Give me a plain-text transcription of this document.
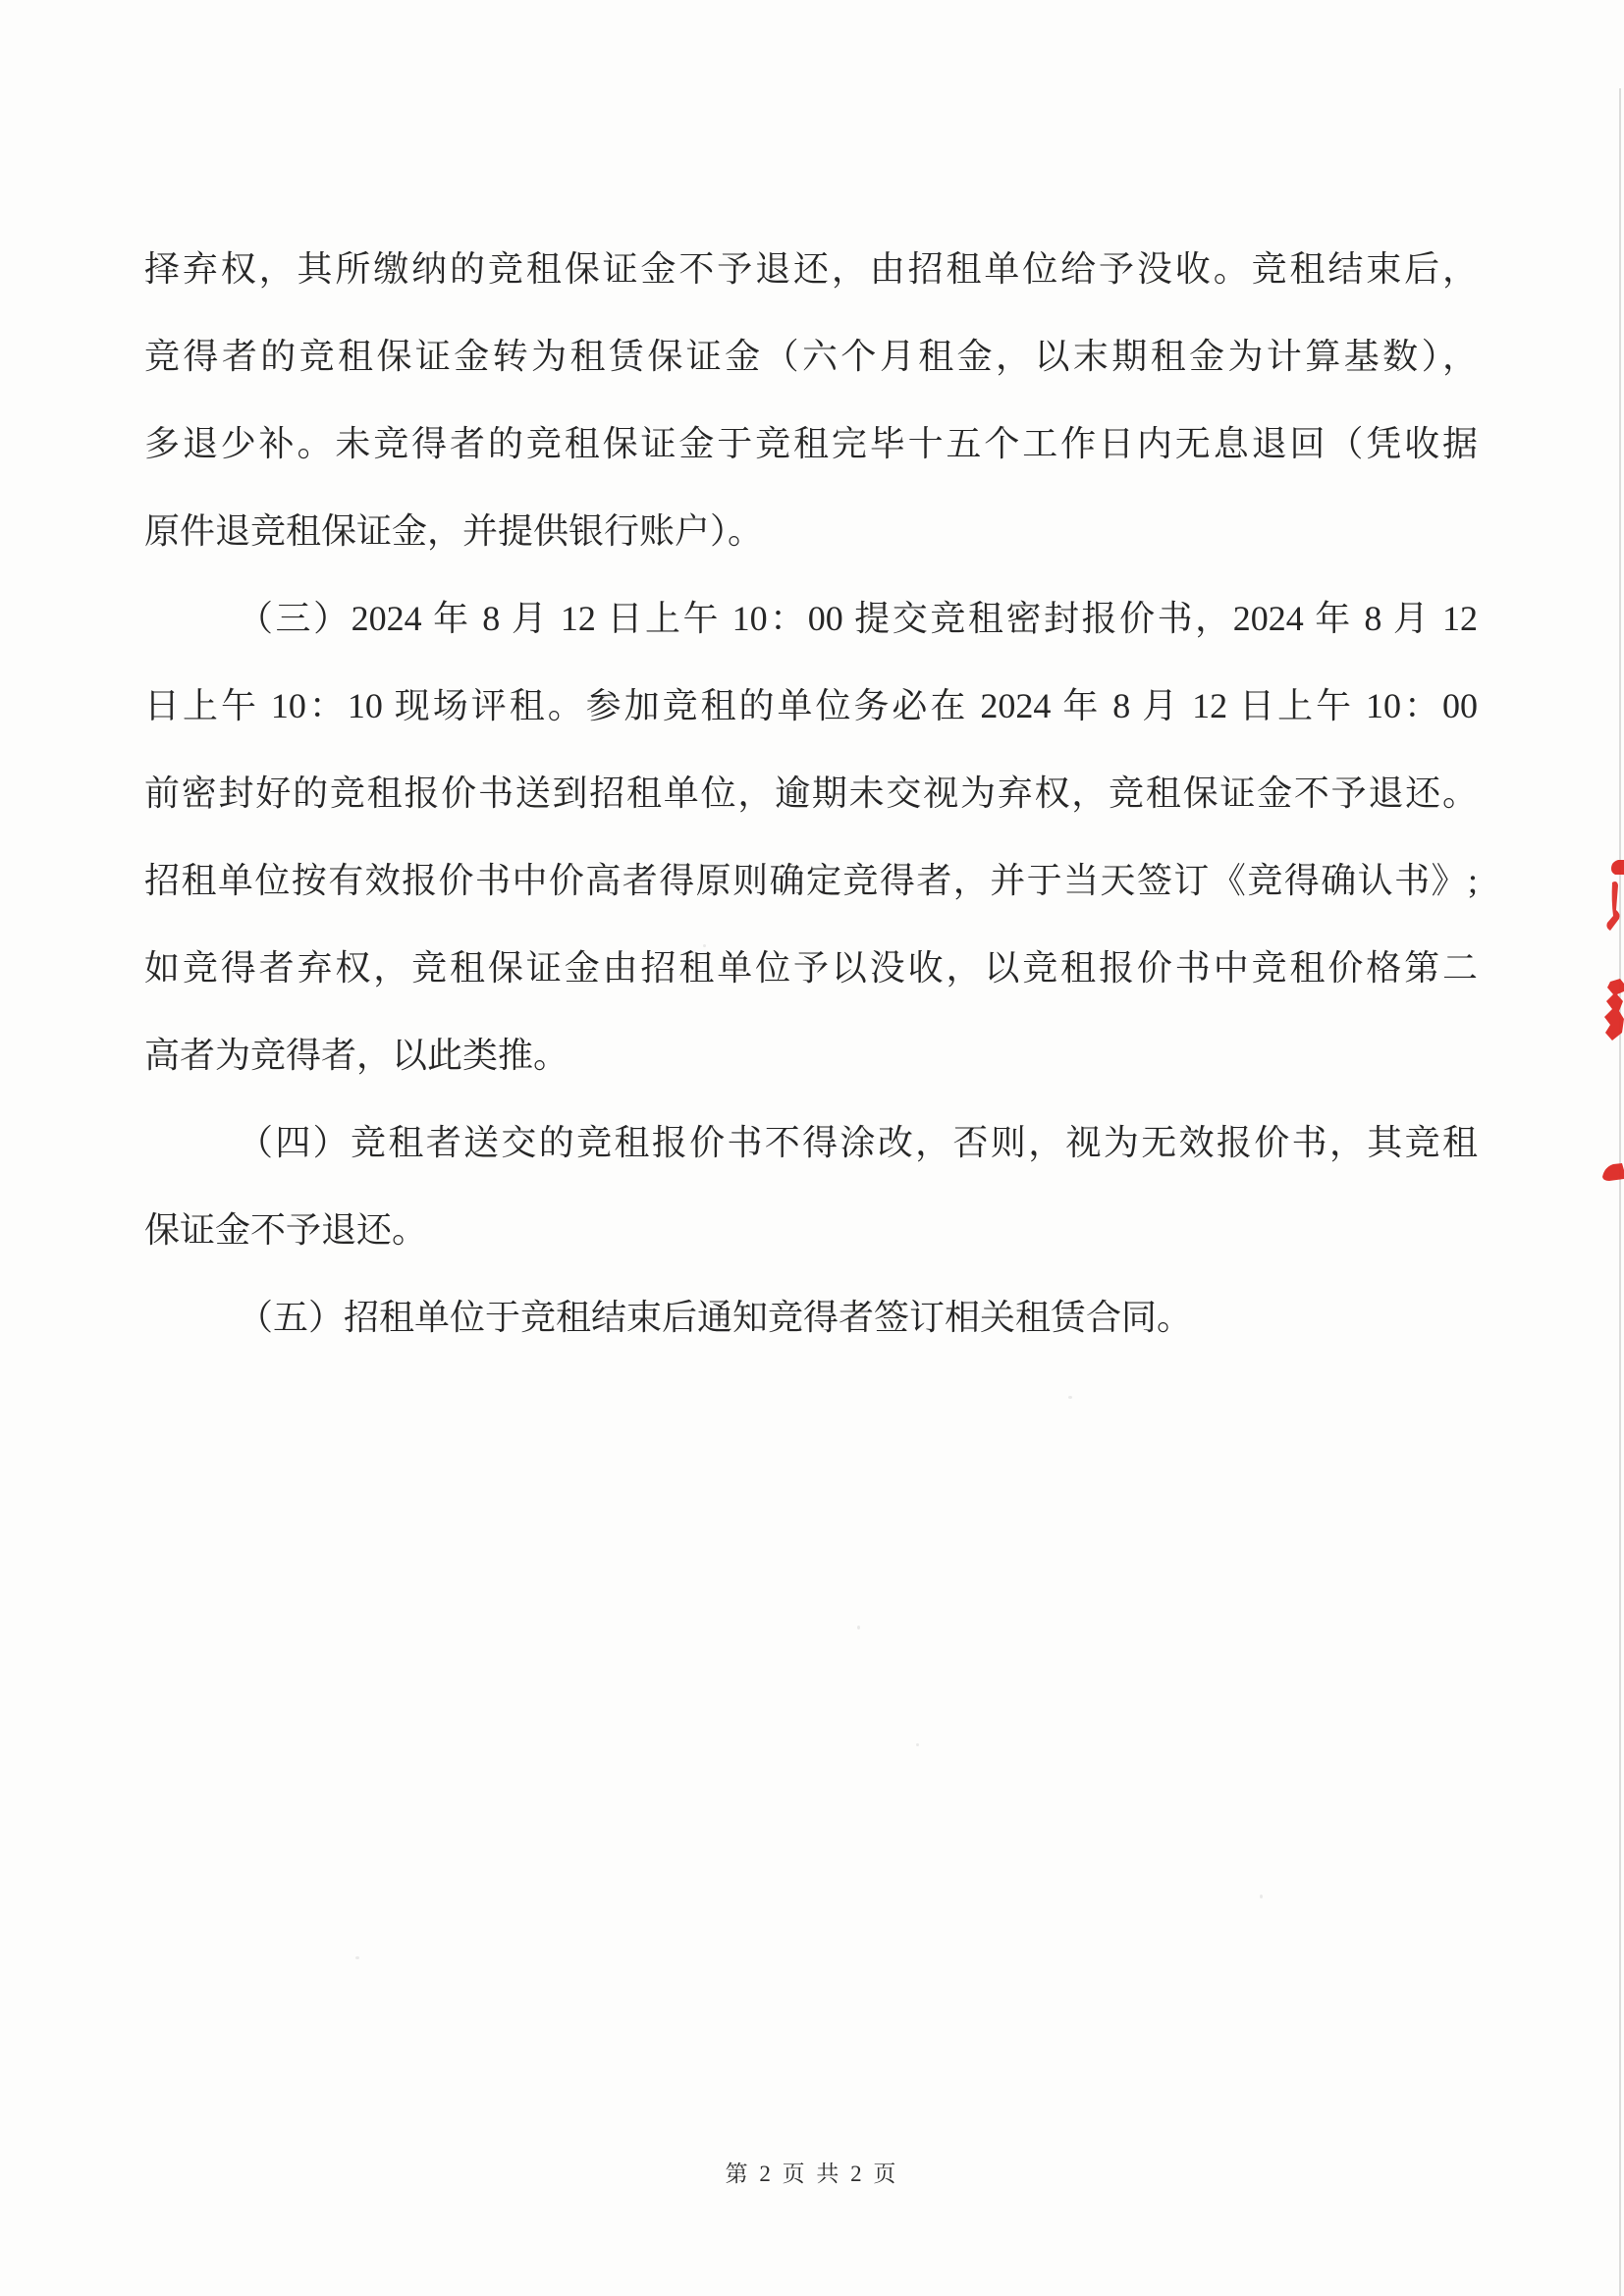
择弃权，其所缴纳的竞租保证金不予退还，由招租单位给予没收。竞租结束后，
竞得者的竞租保证金转为租赁保证金（六个月租金，以末期租金为计算基数），
多退少补。未竞得者的竞租保证金于竞租完毕十五个工作日内无息退回（凭收据
原件退竞租保证金，并提供银行账户）。
（三）2024 年 8 月 12 日上午 10：00 提交竞租密封报价书，2024 年 8 月 12
日上午 10：10 现场评租。参加竞租的单位务必在 2024 年 8 月 12 日上午 10：00
前密封好的竞租报价书送到招租单位，逾期未交视为弃权，竞租保证金不予退还。
招租单位按有效报价书中价高者得原则确定竞得者，并于当天签订《竞得确认书》;
如竞得者弃权，竞租保证金由招租单位予以没收，以竞租报价书中竞租价格第二
高者为竞得者，以此类推。
（四）竞租者送交的竞租报价书不得涂改，否则，视为无效报价书，其竞租
保证金不予退还。
（五）招租单位于竞租结束后通知竞得者签订相关租赁合同。
第 2 页 共 2 页
